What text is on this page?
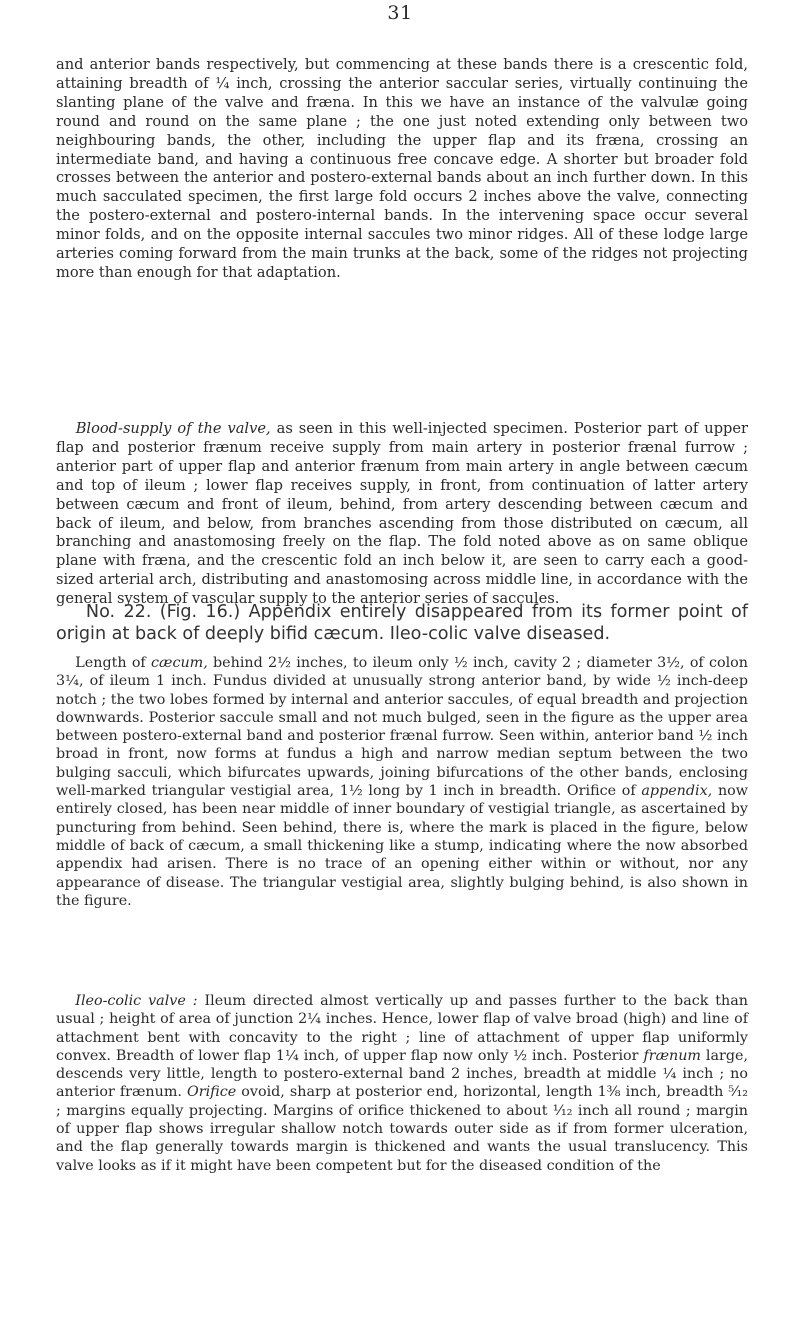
31

and anterior bands respectively, but commencing at these bands there is a crescentic fold, attaining breadth of ¼ inch, crossing the anterior saccular series, virtually continuing the slanting plane of the valve and fræna. In this we have an instance of the valvulæ going round and round on the same plane ; the one just noted extending only between two neighbouring bands, the other, including the upper flap and its fræna, crossing an intermediate band, and having a continuous free concave edge. A shorter but broader fold crosses between the anterior and postero-external bands about an inch further down. In this much sacculated specimen, the first large fold occurs 2 inches above the valve, connecting the postero-external and postero-internal bands. In the intervening space occur several minor folds, and on the opposite internal saccules two minor ridges. All of these lodge large arteries coming forward from the main trunks at the back, some of the ridges not projecting more than enough for that adaptation.

Blood-supply of the valve, as seen in this well-injected specimen. Posterior part of upper flap and posterior frænum receive supply from main artery in posterior frænal furrow ; anterior part of upper flap and anterior frænum from main artery in angle between cæcum and top of ileum ; lower flap receives supply, in front, from continuation of latter artery between cæcum and front of ileum, behind, from artery descending between cæcum and back of ileum, and below, from branches ascending from those distributed on cæcum, all branching and anastomosing freely on the flap. The fold noted above as on same oblique plane with fræna, and the crescentic fold an inch below it, are seen to carry each a good-sized arterial arch, distributing and anastomosing across middle line, in accordance with the general system of vascular supply to the anterior series of saccules.

No. 22. (Fig. 16.) Appendix entirely disappeared from its former point of origin at back of deeply bifid cæcum. Ileo-colic valve diseased.

Length of cæcum, behind 2½ inches, to ileum only ½ inch, cavity 2 ; diameter 3½, of colon 3¼, of ileum 1 inch. Fundus divided at unusually strong anterior band, by wide ½ inch-deep notch ; the two lobes formed by internal and anterior saccules, of equal breadth and projection downwards. Posterior saccule small and not much bulged, seen in the figure as the upper area between postero-external band and posterior frænal furrow. Seen within, anterior band ½ inch broad in front, now forms at fundus a high and narrow median septum between the two bulging sacculi, which bifurcates upwards, joining bifurcations of the other bands, enclosing well-marked triangular vestigial area, 1½ long by 1 inch in breadth. Orifice of appendix, now entirely closed, has been near middle of inner boundary of vestigial triangle, as ascertained by puncturing from behind. Seen behind, there is, where the mark is placed in the figure, below middle of back of cæcum, a small thickening like a stump, indicating where the now absorbed appendix had arisen. There is no trace of an opening either within or without, nor any appearance of disease. The triangular vestigial area, slightly bulging behind, is also shown in the figure.

Ileo-colic valve : Ileum directed almost vertically up and passes further to the back than usual ; height of area of junction 2¼ inches. Hence, lower flap of valve broad (high) and line of attachment bent with concavity to the right ; line of attachment of upper flap uniformly convex. Breadth of lower flap 1¼ inch, of upper flap now only ½ inch. Posterior frænum large, descends very little, length to postero-external band 2 inches, breadth at middle ¼ inch ; no anterior frænum. Orifice ovoid, sharp at posterior end, horizontal, length 1⅜ inch, breadth ⁵⁄₁₂ ; margins equally projecting. Margins of orifice thickened to about ¹⁄₁₂ inch all round ; margin of upper flap shows irregular shallow notch towards outer side as if from former ulceration, and the flap generally towards margin is thickened and wants the usual translucency. This valve looks as if it might have been competent but for the diseased condition of the
